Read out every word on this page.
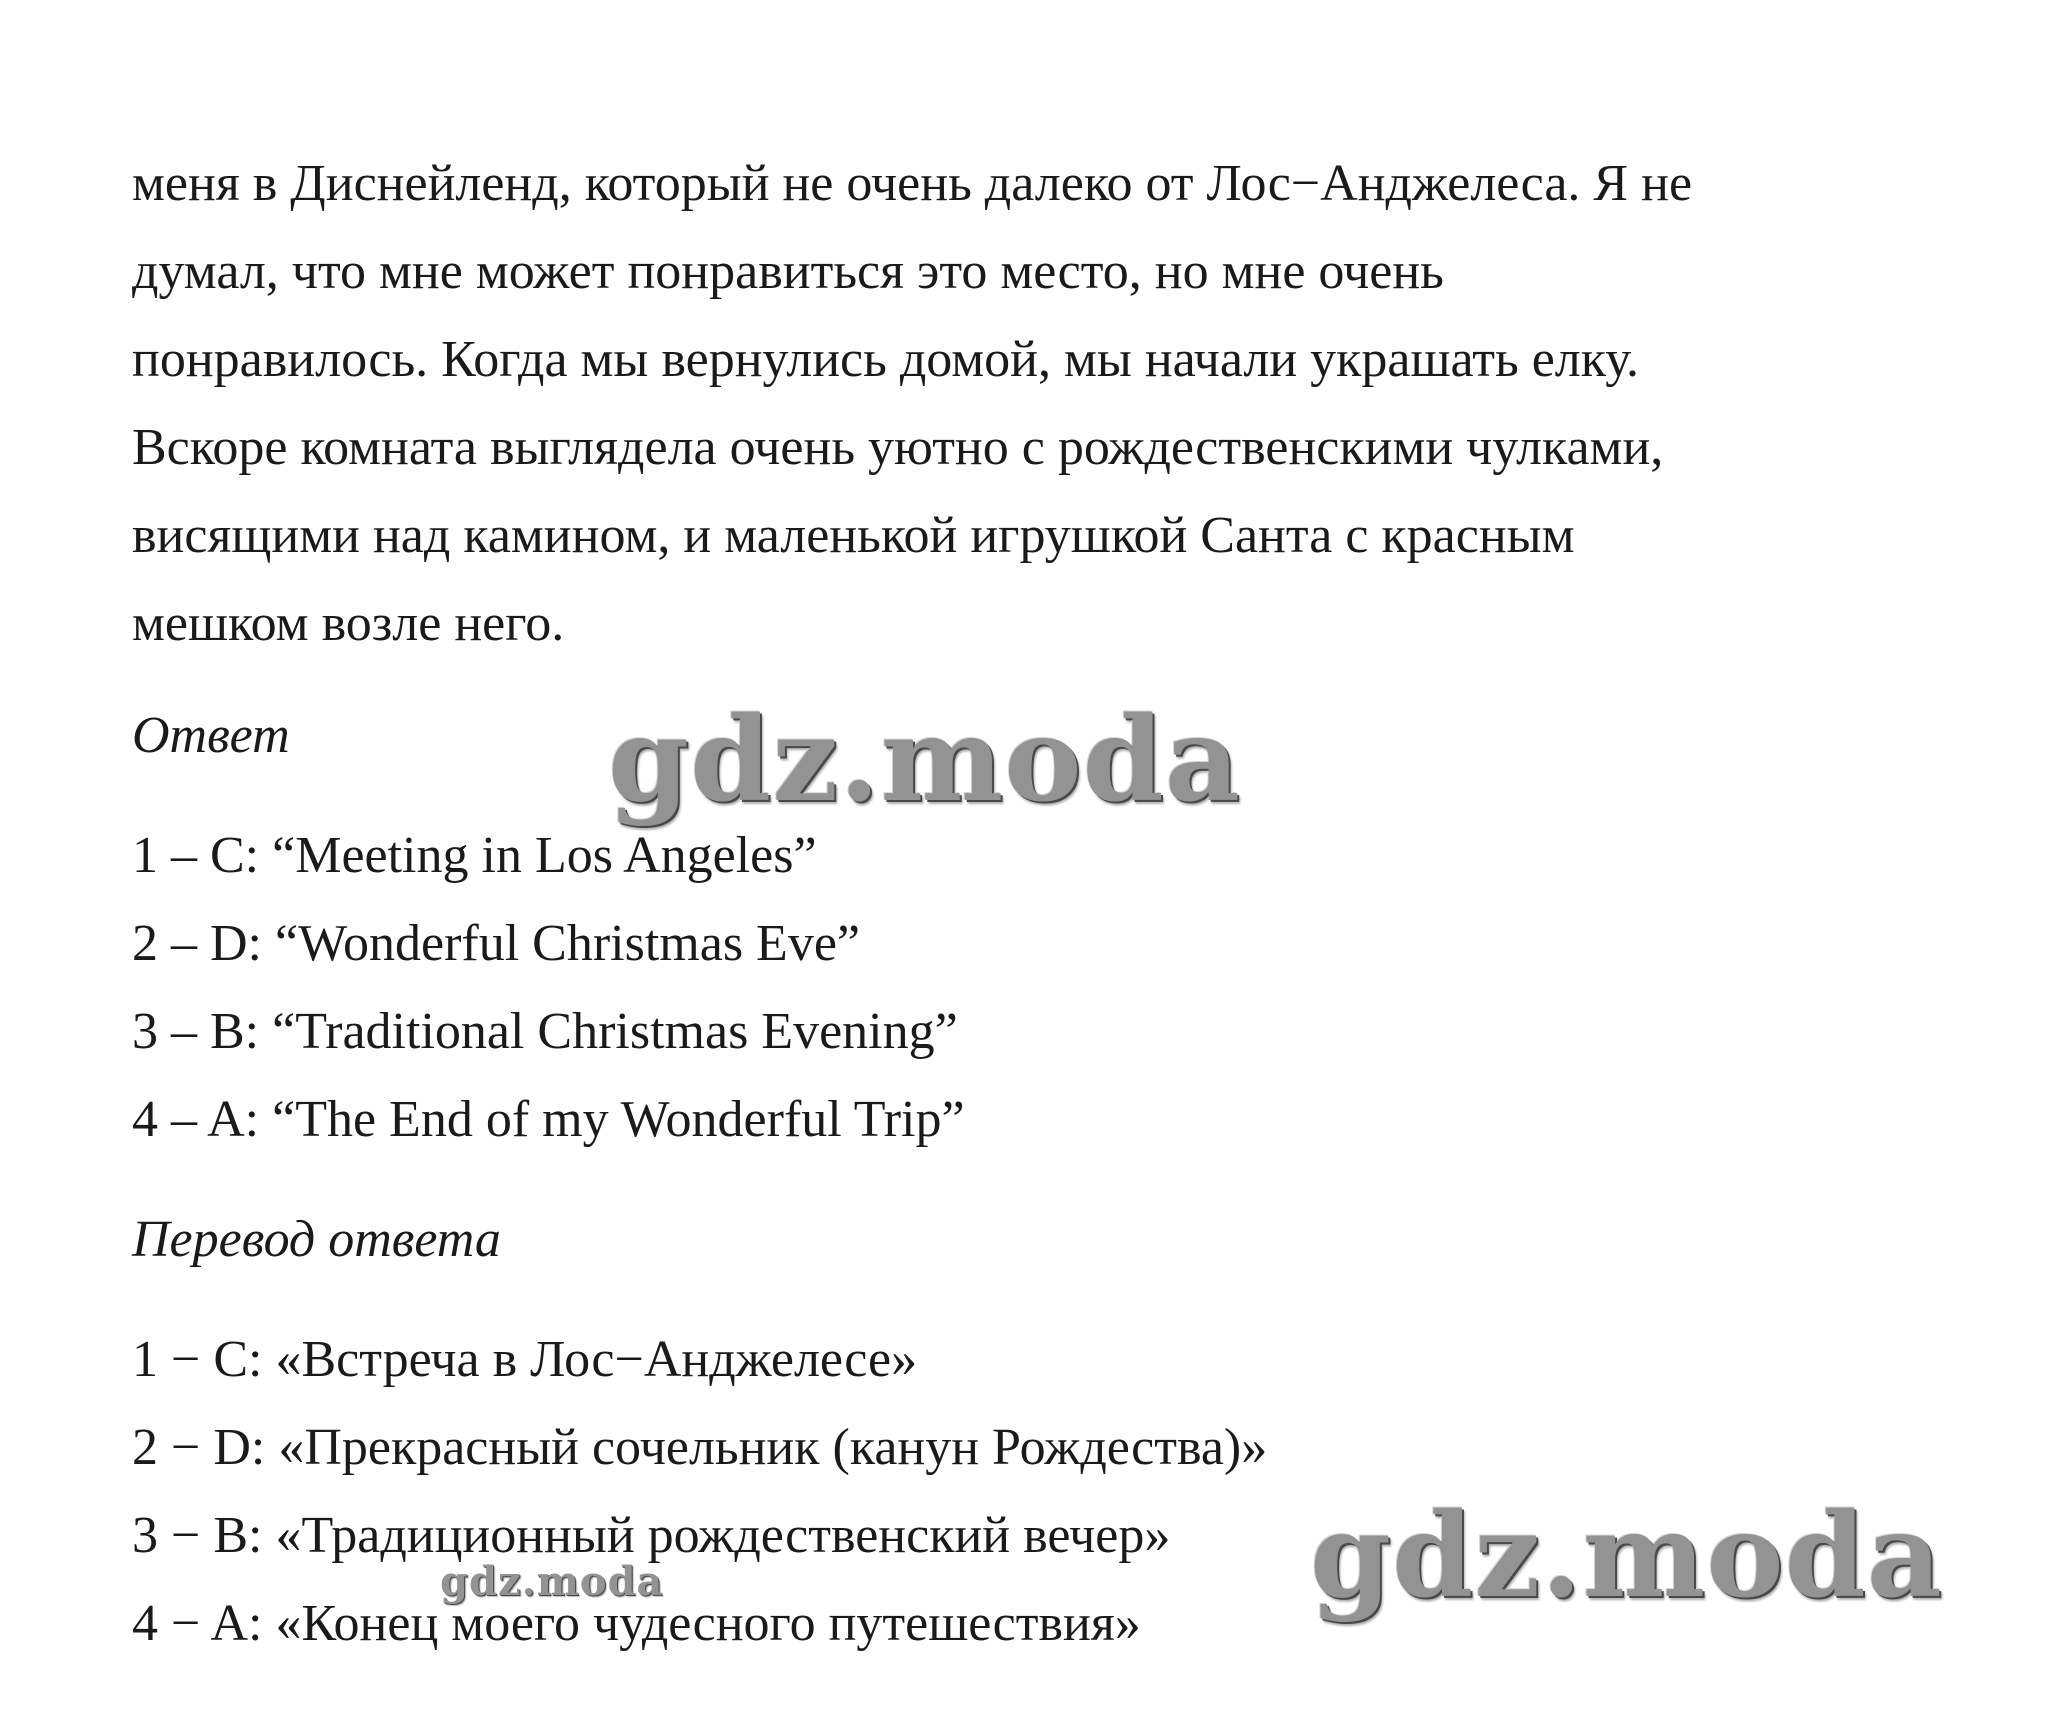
меня в Диснейленд, который не очень далеко от Лос−Анджелеса. Я не
думал, что мне может понравиться это место, но мне очень
понравилось. Когда мы вернулись домой, мы начали украшать елку.
Вскоре комната выглядела очень уютно с рождественскими чулками,
висящими над камином, и маленькой игрушкой Санта с красным
мешком возле него.

Ответ
1 – C: “Meeting in Los Angeles”
2 – D: “Wonderful Christmas Eve”
3 – B: “Traditional Christmas Evening”
4 – A: “The End of my Wonderful Trip”
Перевод ответа
1 − C: «Встреча в Лос−Анджелесе»
2 − D: «Прекрасный сочельник (канун Рождества)»
3 − B: «Традиционный рождественский вечер»
4 − A: «Конец моего чудесного путешествия»
gdz.moda
gdz.moda
gdz.moda
